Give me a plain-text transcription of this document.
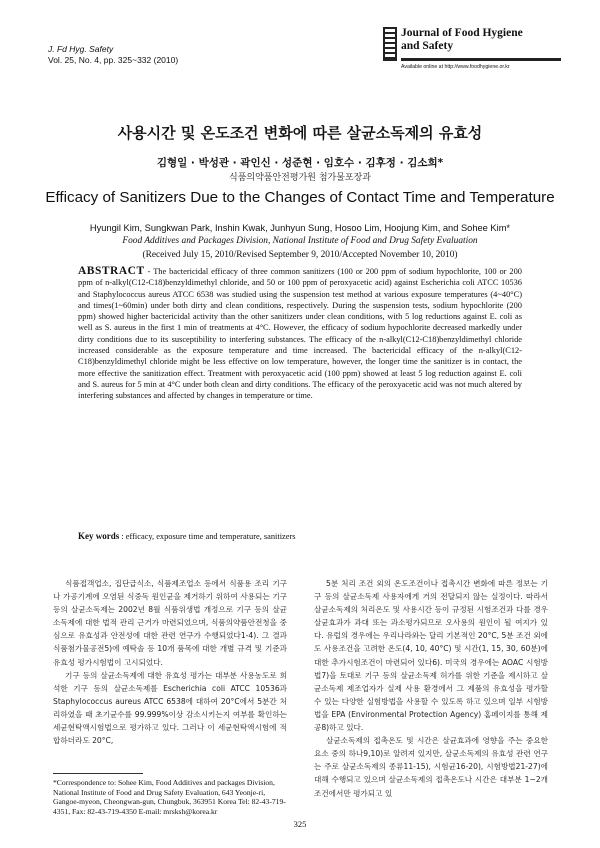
J. Fd Hyg. Safety
Vol. 25, No. 4, pp. 325~332 (2010)
Journal of Food Hygiene
and Safety
Available online at http://www.foodhygiene.or.kr
사용시간 및 온도조건 변화에 따른 살균소독제의 유효성
김형일 · 박성관 · 곽인신 · 성준현 · 임호수 · 김후정 · 김소희*
식품의약품안전평가원 첨가물포장과
Efficacy of Sanitizers Due to the Changes of Contact Time and Temperature
Hyungil Kim, Sungkwan Park, Inshin Kwak, Junhyun Sung, Hosoo Lim, Hoojung Kim, and Sohee Kim*
Food Additives and Packages Division, National Institute of Food and Drug Safety Evaluation
(Received July 15, 2010/Revised September 9, 2010/Accepted November 10, 2010)
ABSTRACT - The bactericidal efficacy of three common sanitizers (100 or 200 ppm of sodium hypochlorite, 100 or 200 ppm of n-alkyl(C12-C18)benzyldimethyl chloride, and 50 or 100 ppm of peroxyacetic acid) against Escherichia coli ATCC 10536 and Staphylococcus aureus ATCC 6538 was studied using the suspension test method at various exposure temperatures (4~40°C) and times(1~60min) under both dirty and clean conditions, respectively. During the suspension tests, sodium hypochlorite (200 ppm) showed higher bactericidal activity than the other sanitizers under clean conditions, with 5 log reductions against E. coli as well as S. aureus in the first 1 min of treatments at 4°C. However, the efficacy of sodium hypochlorite decreased markedly under dirty conditions due to its susceptibility to interfering substances. The efficacy of the n-alkyl(C12-C18)benzyldimethyl chloride increased considerable as the exposure temperature and time increased. The bactericidal efficacy of the n-alkyl(C12-C18)benzyldimethyl chloride might be less effective on low temperature, however, the longer time the sanitizer is in contact, the more effective the sanitization effect. Treatment with peroxyacetic acid (100 ppm) showed at least 5 log reduction against E. coli and S. aureus for 5 min at 4°C under both clean and dirty conditions. The efficacy of the peroxyacetic acid was not much altered by interfering substances and affected by changes in temperature or time.
Key words : efficacy, exposure time and temperature, sanitizers

식품접객업소, 집단급식소, 식품제조업소 등에서 식품용 조리 기구나 가공기계에 오염된 식중독 원인균을 제거하기 위하여 사용되는 기구 등의 살균소독제는 2002년 8월 식품위생법 개정으로 기구 등의 살균소독제에 대한 법적 관리 근거가 마련되었으며, 식품의약품안전청을 중심으로 유효성과 안전성에 대한 관련 연구가 수행되었다1-4). 그 결과 식품첨가물공전5)에 예탁솔 등 10개 품목에 대한 개별 규격 및 기준과 유효성 평가시험법이 고시되었다.

기구 등의 살균소독제에 대한 유효성 평가는 대부분 사용농도로 희석한 기구 등의 살균소독제를 Escherichia coli ATCC 10536과 Staphylococcus aureus ATCC 6538에 대하여 20°C에서 5분간 처리하였을 때 초기균수를 99.999%이상 감소시키는지 여부를 확인하는 세균현탁액시험법으로 평가하고 있다. 그러나 이 세균현탁액시험에 적합하더라도 20°C,

5분 처리 조건 외의 온도조건이나 접촉시간 변화에 따른 정보는 기구 등의 살균소독제 사용자에게 거의 전달되지 않는 실정이다. 따라서 살균소독제의 처리온도 및 사용시간 등이 규정된 시험조건과 다를 경우 살균효과가 과대 또는 과소평가되므로 오사용의 원인이 될 여지가 있다. 유럽의 경우에는 우리나라와는 달리 기본적인 20°C, 5분 조건 외에도 사용조건을 고려한 온도(4, 10, 40°C) 및 시간(1, 15, 30, 60분)에 대한 추가시험조건이 마련되어 있다6). 미국의 경우에는 AOAC 시험방법7)을 토대로 기구 등의 살균소독제 허가를 위한 기준을 제시하고 살균소독제 제조업자가 실제 사용 환경에서 그 제품의 유효성을 평가할 수 있는 다양한 실험방법을 사용할 수 있도록 하고 있으며 일부 시험방법을 EPA (Environmental Protection Agency) 홈페이지를 통해 제공8)하고 있다.

살균소독제의 접촉온도 및 시간은 살균효과에 영향을 주는 중요한 요소 중의 하나9,10)로 알려져 있지만, 살균소독제의 유효성 관련 연구는 주로 살균소독제의 종류11-15), 시험균16-20), 시험방법21-27)에 대해 수행되고 있으며 살균소독제의 접촉온도나 시간은 대부분 1~2개 조건에서만 평가되고 있

*Correspondence to: Sohee Kim, Food Additives and packages Division, National Institute of Food and Drug Safety Evaluation, 643 Yeonje-ri, Gangoe-myeon, Cheongwan-gun, Chungbuk, 363951 Korea Tel: 82-43-719-4351, Fax: 82-43-719-4350 E-mail: mrsksh@korea.kr
325
